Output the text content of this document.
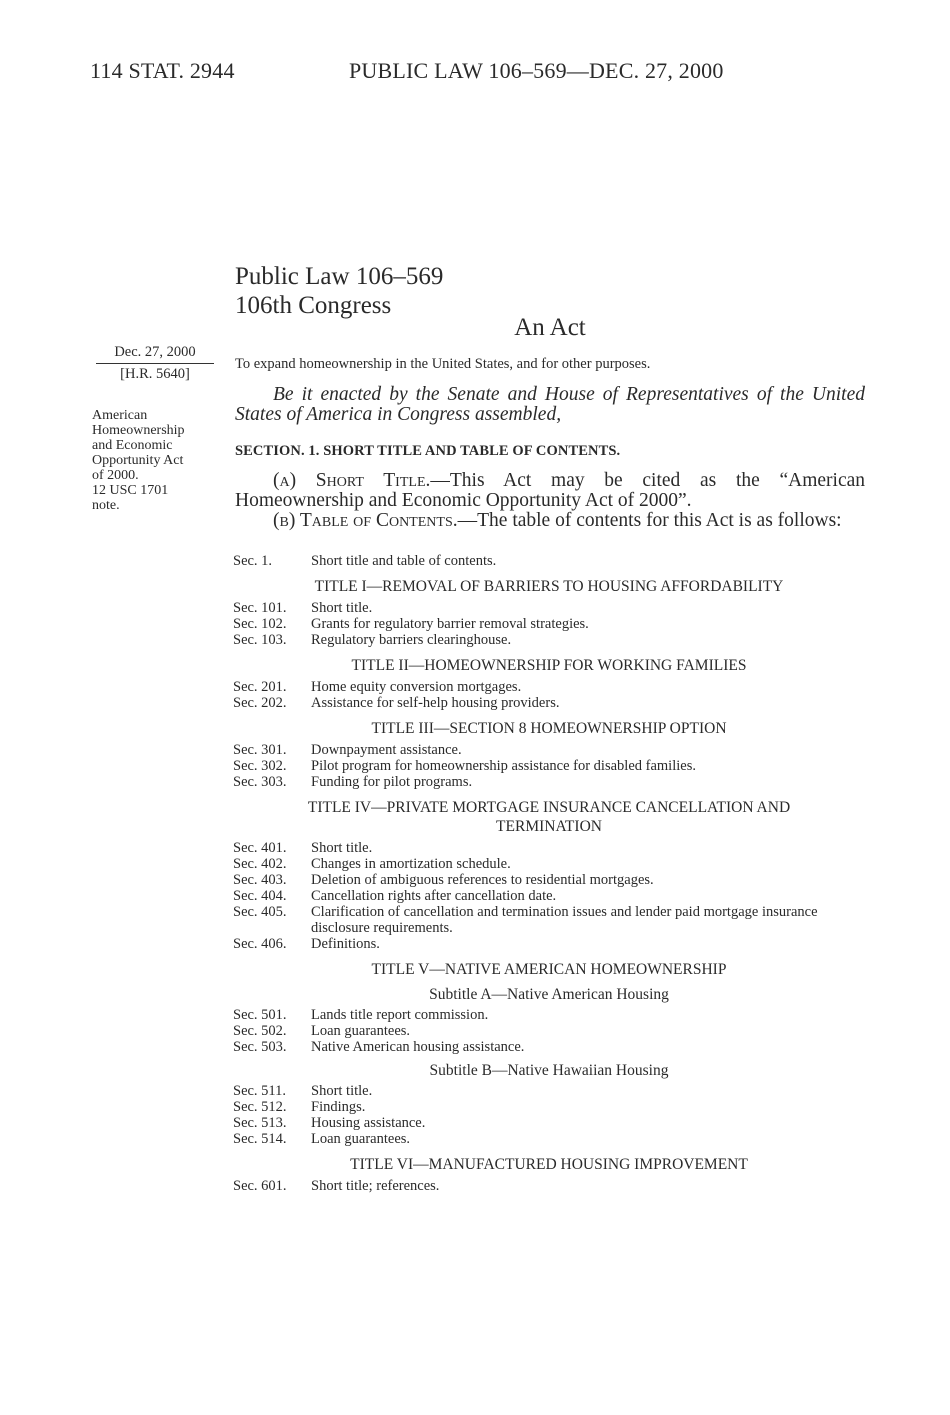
114 STAT. 2944	PUBLIC LAW 106–569—DEC. 27, 2000
Public Law 106–569
106th Congress
An Act
Dec. 27, 2000
[H.R. 5640]
To expand homeownership in the United States, and for other purposes.
American
Homeownership
and Economic
Opportunity Act
of 2000.
12 USC 1701
note.

Be it enacted by the Senate and House of Representatives of the United States of America in Congress assembled,

SECTION. 1. SHORT TITLE AND TABLE OF CONTENTS.

(a) Short Title.—This Act may be cited as the “American Homeownership and Economic Opportunity Act of 2000”.

(b) Table of Contents.—The table of contents for this Act is as follows:

Sec. 1.	Short title and table of contents.
TITLE I—REMOVAL OF BARRIERS TO HOUSING AFFORDABILITY
Sec. 101.	Short title.
Sec. 102.	Grants for regulatory barrier removal strategies.
Sec. 103.	Regulatory barriers clearinghouse.
TITLE II—HOMEOWNERSHIP FOR WORKING FAMILIES
Sec. 201.	Home equity conversion mortgages.
Sec. 202.	Assistance for self-help housing providers.
TITLE III—SECTION 8 HOMEOWNERSHIP OPTION
Sec. 301.	Downpayment assistance.
Sec. 302.	Pilot program for homeownership assistance for disabled families.
Sec. 303.	Funding for pilot programs.
TITLE IV—PRIVATE MORTGAGE INSURANCE CANCELLATION AND TERMINATION
Sec. 401.	Short title.
Sec. 402.	Changes in amortization schedule.
Sec. 403.	Deletion of ambiguous references to residential mortgages.
Sec. 404.	Cancellation rights after cancellation date.
Sec. 405.	Clarification of cancellation and termination issues and lender paid mortgage insurance disclosure requirements.
Sec. 406.	Definitions.
TITLE V—NATIVE AMERICAN HOMEOWNERSHIP
Subtitle A—Native American Housing
Sec. 501.	Lands title report commission.
Sec. 502.	Loan guarantees.
Sec. 503.	Native American housing assistance.
Subtitle B—Native Hawaiian Housing
Sec. 511.	Short title.
Sec. 512.	Findings.
Sec. 513.	Housing assistance.
Sec. 514.	Loan guarantees.
TITLE VI—MANUFACTURED HOUSING IMPROVEMENT
Sec. 601.	Short title; references.
